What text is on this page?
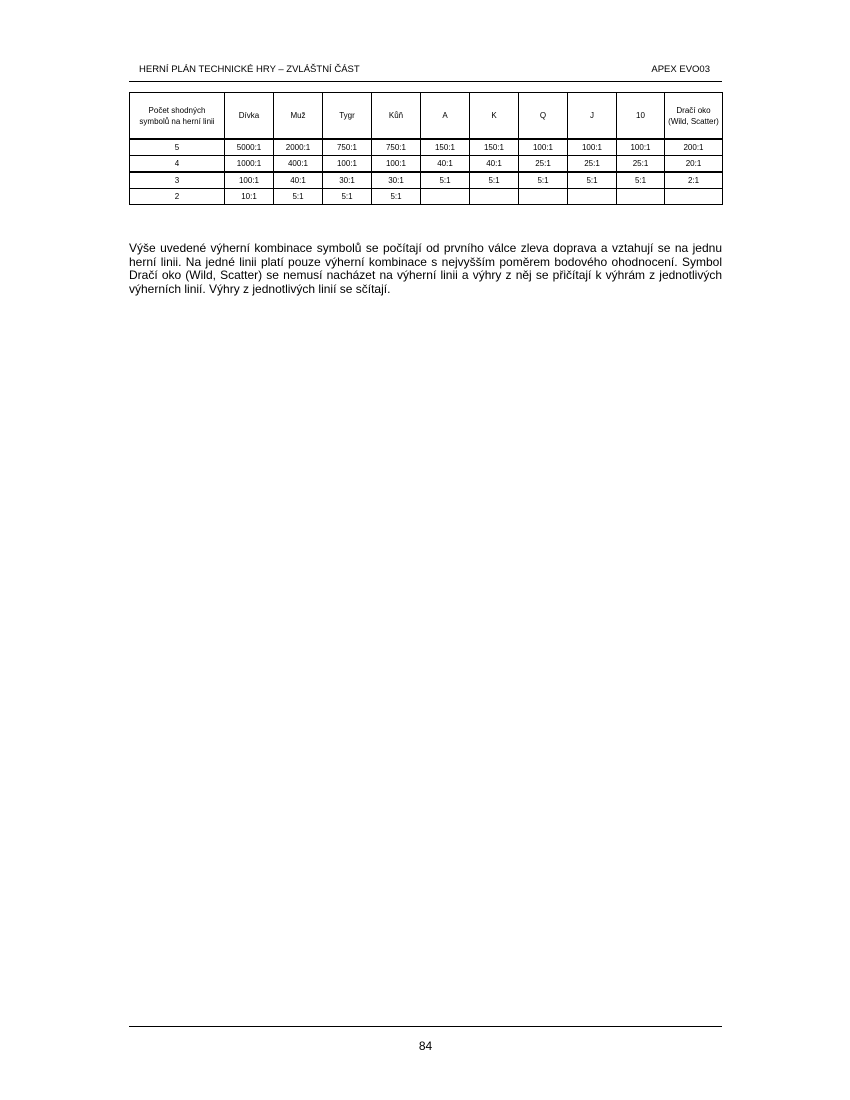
HERNÍ PLÁN TECHNICKÉ HRY – ZVLÁŠTNÍ ČÁST	APEX EVO03
Počet shodných
symbolů na herní linii	Dívka	Muž	Tygr	Kůň	A	K	Q	J	10	Dračí oko
(Wild, Scatter)
5	5000:1	2000:1	750:1	750:1	150:1	150:1	100:1	100:1	100:1	200:1
4	1000:1	400:1	100:1	100:1	40:1	40:1	25:1	25:1	25:1	20:1
3	100:1	40:1	30:1	30:1	5:1	5:1	5:1	5:1	5:1	2:1
2	10:1	5:1	5:1	5:1						

Výše uvedené výherní kombinace symbolů se počítají od prvního válce zleva doprava a vztahují se na jednu herní linii. Na jedné linii platí pouze výherní kombinace s nejvyšším poměrem bodového ohodnocení. Symbol Dračí oko (Wild, Scatter) se nemusí nacházet na výherní linii a výhry z něj se přičítají k výhrám z jednotlivých výherních linií. Výhry z jednotlivých linií se sčítají.

84
